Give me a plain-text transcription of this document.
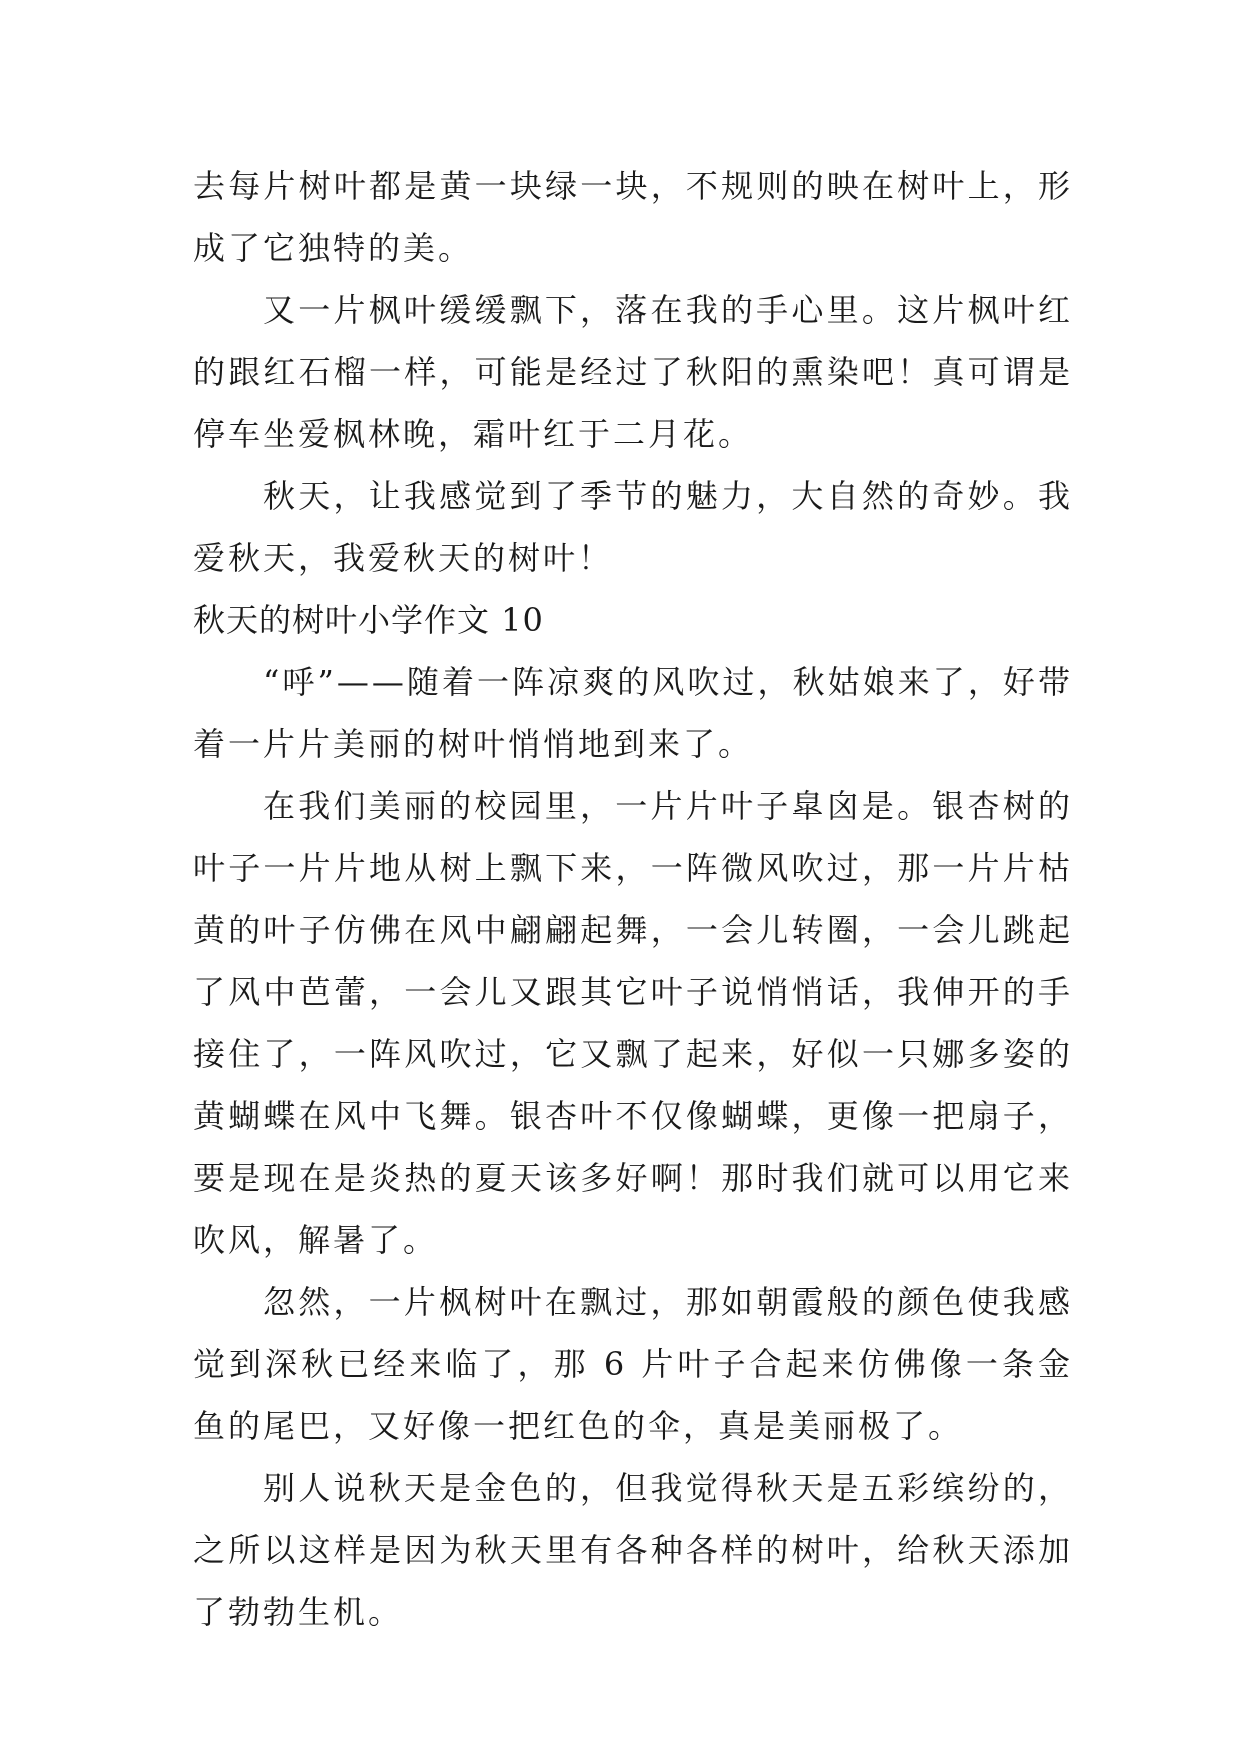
去每片树叶都是黄一块绿一块，不规则的映在树叶上，形成了它独特的美。

又一片枫叶缓缓飘下，落在我的手心里。这片枫叶红的跟红石榴一样，可能是经过了秋阳的熏染吧！真可谓是停车坐爱枫林晚，霜叶红于二月花。

秋天，让我感觉到了季节的魅力，大自然的奇妙。我爱秋天，我爱秋天的树叶！

秋天的树叶小学作文 10

“呼”——随着一阵凉爽的风吹过，秋姑娘来了，好带着一片片美丽的树叶悄悄地到来了。

在我们美丽的校园里，一片片叶子皐囟是。银杏树的叶子一片片地从树上飘下来，一阵微风吹过，那一片片枯黄的叶子仿佛在风中翩翩起舞，一会儿转圈，一会儿跳起了风中芭蕾，一会儿又跟其它叶子说悄悄话，我伸开的手接住了，一阵风吹过，它又飘了起来，好似一只娜多姿的黄蝴蝶在风中飞舞。银杏叶不仅像蝴蝶，更像一把扇子，要是现在是炎热的夏天该多好啊！那时我们就可以用它来吹风，解暑了。

忽然，一片枫树叶在飘过，那如朝霞般的颜色使我感觉到深秋已经来临了，那 6 片叶子合起来仿佛像一条金鱼的尾巴，又好像一把红色的伞，真是美丽极了。

别人说秋天是金色的，但我觉得秋天是五彩缤纷的，之所以这样是因为秋天里有各种各样的树叶，给秋天添加了勃勃生机。
